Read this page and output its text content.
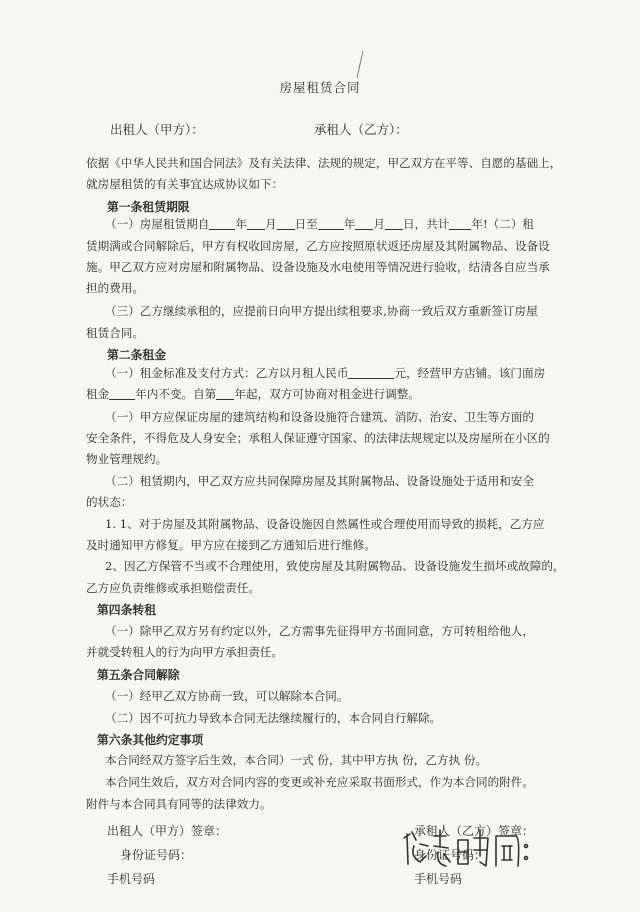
房屋租赁合同
出租人（甲方）：	承租人（乙方）：
依据《中华人民共和国合同法》及有关法律、法规的规定，甲乙双方在平等、自愿的基础上，
就房屋租赁的有关事宜达成协议如下：
第一条租赁期限
（一）房屋租赁期自 年 月 日至 年 月 日，共计 年!（二）租
赁期满或合同解除后，甲方有权收回房屋，乙方应按照原状返还房屋及其附属物品、设备设
施。甲乙双方应对房屋和附属物品、设备设施及水电使用等情况进行验收，结清各自应当承
担的费用。
（三）乙方继续承租的，应提前日向甲方提出续租要求,协商一致后双方重新签订房屋
租赁合同。
第二条租金
（一）租金标准及支付方式：乙方以月租人民币	元，经营甲方店铺。该门面房
租金 年内不变。自第 年起，双方可协商对租金进行调整。
（一）甲方应保证房屋的建筑结构和设备设施符合建筑、消防、治安、卫生等方面的
安全条件，不得危及人身安全；承租人保证遵守国家、的法律法规规定以及房屋所在小区的
物业管理规约。
（二）租赁期内，甲乙双方应共同保障房屋及其附属物品、设备设施处于适用和安全
的状态：
1. 1、对于房屋及其附属物品、设备设施因自然属性或合理使用而导致的损耗，乙方应
及时通知甲方修复。甲方应在接到乙方通知后进行维修。
2、因乙方保管不当或不合理使用，致使房屋及其附属物品、设备设施发生损坏或故障的，
乙方应负责维修或承担赔偿责任。
第四条转租
（一）除甲乙双方另有约定以外，乙方需事先征得甲方书面同意，方可转租给他人，
并就受转租人的行为向甲方承担责任。
第五条合同解除
（一）经甲乙双方协商一致，可以解除本合同。
（二）因不可抗力导致本合同无法继续履行的，本合同自行解除。
第六条其他约定事项
本合同经双方签字后生效，本合同）一式 份，其中甲方执 份，乙方执 份。
本合同生效后，双方对合同内容的变更或补充应采取书面形式，作为本合同的附件。
附件与本合同具有同等的法律效力。
出租人（甲方）签章：
身份证号码：
手机号码
承租人（乙方）签章：
身份证号码：
手机号码
